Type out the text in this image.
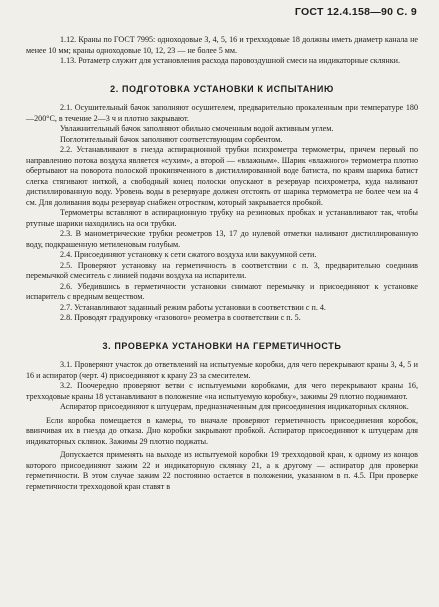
ГОСТ 12.4.158—90 С. 9

1.12. Краны по ГОСТ 7995: одноходовые 3, 4, 5, 16 и трехходовые 18 должны иметь диаметр канала не менее 10 мм; краны одноходовые 10, 12, 23 — не более 5 мм.

1.13. Ротаметр служит для установления расхода паровоздушной смеси на индикаторные склянки.

2. ПОДГОТОВКА УСТАНОВКИ К ИСПЫТАНИЮ

2.1. Осушительный бачок заполняют осушителем, предварительно прокаленным при температуре 180—200°С, в течение 2—3 ч и плотно закрывают.

Увлажнительный бачок заполняют обильно смоченным водой активным углем.

Поглотительный бачок заполняют соответствующим сорбентом.

2.2. Устанавливают в гнезда аспирационной трубки психрометра термометры, причем первый по направлению потока воздуха является «сухим», а второй — «влажным». Шарик «влажного» термометра плотно обертывают на поворота полоской прокипяченного в дистиллированной воде батиста, по краям шарика батист слегка стягивают ниткой, а свободный конец полоски опускают в резервуар психрометра, куда наливают дистиллированную воду. Уровень воды в резервуаре должен отстоять от шарика термометра не более чем на 4 см. Для доливания воды резервуар снабжен отростком, который закрывается пробкой.

Термометры вставляют в аспирационную трубку на резиновых пробках и устанавливают так, чтобы ртутные шарики находились на оси трубки.

2.3. В манометрические трубки реометров 13, 17 до нулевой отметки наливают дистиллированную воду, подкрашенную метиленовым голубым.

2.4. Присоединяют установку к сети сжатого воздуха или вакуумной сети.

2.5. Проверяют установку на герметичность в соответствии с п. 3, предварительно соединив перемычкой смеситель с линией подачи воздуха на испарители.

2.6. Убедившись в герметичности установки снимают перемычку и присоединяют к установке испаритель с вредным веществом.

2.7. Устанавливают заданный режим работы установки в соответствии с п. 4.

2.8. Проводят градуировку «газового» реометра в соответствии с п. 5.

3. ПРОВЕРКА УСТАНОВКИ НА ГЕРМЕТИЧНОСТЬ

3.1. Проверяют участок до ответвлений на испытуемые коробки, для чего перекрывают краны 3, 4, 5 и 16 и аспиратор (черт. 4) присоединяют к крану 23 за смесителем.

3.2. Поочередно проверяют ветви с испытуемыми коробками, для чего перекрывают краны 16, трехходовые краны 18 устанавливают в положение «на испытуемую коробку», зажимы 29 плотно поджимают.

Аспиратор присоединяют к штуцерам, предназначенным для присоединения индикаторных склянок.

Если коробка помещается в камеры, то вначале проверяют герметичность присоединения коробок, ввинчивая их в гнезда до отказа. Дно коробки закрывают пробкой. Аспиратор присоединяют к штуцерам для индикаторных склянок. Зажимы 29 плотно поджаты.

Допускается применять на выходе из испытуемой коробки 19 трехходовой кран, к одному из концов которого присоединяют зажим 22 и индикаторную склянку 21, а к другому — аспиратор для проверки герметичности. В этом случае зажим 22 постоянно остается в положении, указанном в п. 4.5. При проверке герметичности трехходовой кран ставят в
